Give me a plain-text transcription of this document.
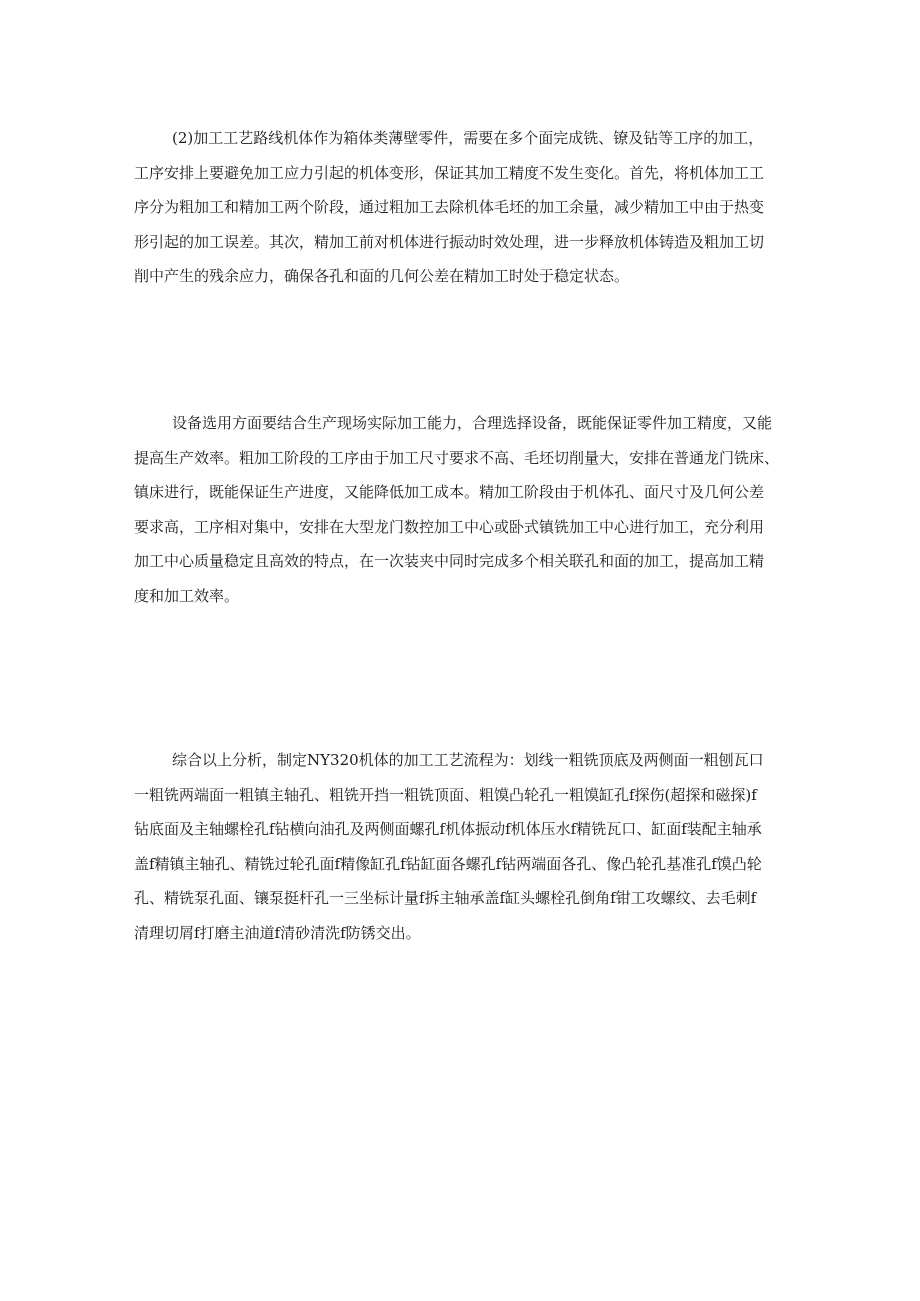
(2)加工工艺路线机体作为箱体类薄壁零件，需要在多个面完成铣、镣及钻等工序的加工，
工序安排上要避免加工应力引起的机体变形，保证其加工精度不发生变化。首先，将机体加工工
序分为粗加工和精加工两个阶段，通过粗加工去除机体毛坯的加工余量，减少精加工中由于热变
形引起的加工误差。其次，精加工前对机体进行振动时效处理，进一步释放机体铸造及粗加工切
削中产生的残余应力，确保各孔和面的几何公差在精加工时处于稳定状态。

设备选用方面要结合生产现场实际加工能力，合理选择设备，既能保证零件加工精度，又能
提高生产效率。粗加工阶段的工序由于加工尺寸要求不高、毛坯切削量大，安排在普通龙门铣床、
镇床进行，既能保证生产进度，又能降低加工成本。精加工阶段由于机体孔、面尺寸及几何公差
要求高，工序相对集中，安排在大型龙门数控加工中心或卧式镇铣加工中心进行加工，充分利用
加工中心质量稳定且高效的特点，在一次装夹中同时完成多个相关联孔和面的加工，提高加工精
度和加工效率。

综合以上分析，制定NY320机体的加工工艺流程为：划线一粗铣顶底及两侧面一粗刨瓦口
一粗铣两端面一粗镇主轴孔、粗铣开挡一粗铣顶面、粗馍凸轮孔一粗馍缸孔f探伤(超探和磁探)f
钻底面及主轴螺栓孔f钻横向油孔及两侧面螺孔f机体振动f机体压水f精铣瓦口、缸面f装配主轴承
盖f精镇主轴孔、精铣过轮孔面f精像缸孔f钻缸面各螺孔f钻两端面各孔、像凸轮孔基准孔f馍凸轮
孔、精铣泵孔面、镶泵挺杆孔一三坐标计量f拆主轴承盖f缸头螺栓孔倒角f钳工攻螺纹、去毛刺f
清理切屑f打磨主油道f清砂清洗f防锈交出。
